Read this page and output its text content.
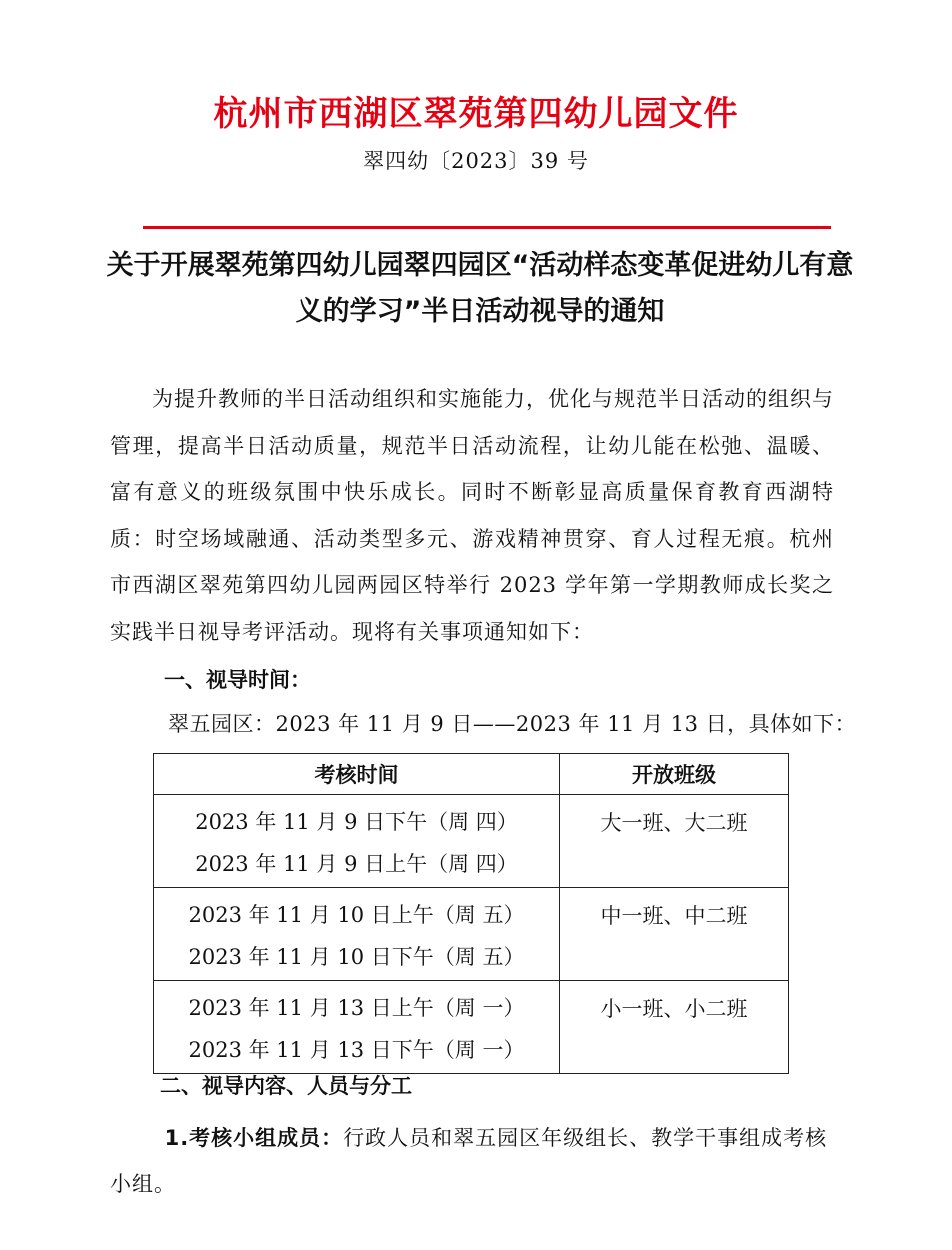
杭州市西湖区翠苑第四幼儿园文件
翠四幼〔2023〕39 号
关于开展翠苑第四幼儿园翠四园区“活动样态变革促进幼儿有意义的学习”半日活动视导的通知
为提升教师的半日活动组织和实施能力，优化与规范半日活动的组织与管理，提高半日活动质量，规范半日活动流程，让幼儿能在松弛、温暖、富有意义的班级氛围中快乐成长。同时不断彰显高质量保育教育西湖特质：时空场域融通、活动类型多元、游戏精神贯穿、育人过程无痕。杭州市西湖区翠苑第四幼儿园两园区特举行 2023 学年第一学期教师成长奖之实践半日视导考评活动。现将有关事项通知如下：
一、视导时间：
翠五园区：2023 年 11 月 9 日——2023 年 11 月 13 日，具体如下：
考核时间	开放班级

2023 年 11 月 9 日下午（周 四）
2023 年 11 月 9 日上午（周 四）	大一班、大二班

2023 年 11 月 10 日上午（周 五）
2023 年 11 月 10 日下午（周 五）	中一班、中二班

2023 年 11 月 13 日上午（周 一）
2023 年 11 月 13 日下午（周 一）	小一班、小二班
二、视导内容、人员与分工
1.考核小组成员：行政人员和翠五园区年级组长、教学干事组成考核小组。
